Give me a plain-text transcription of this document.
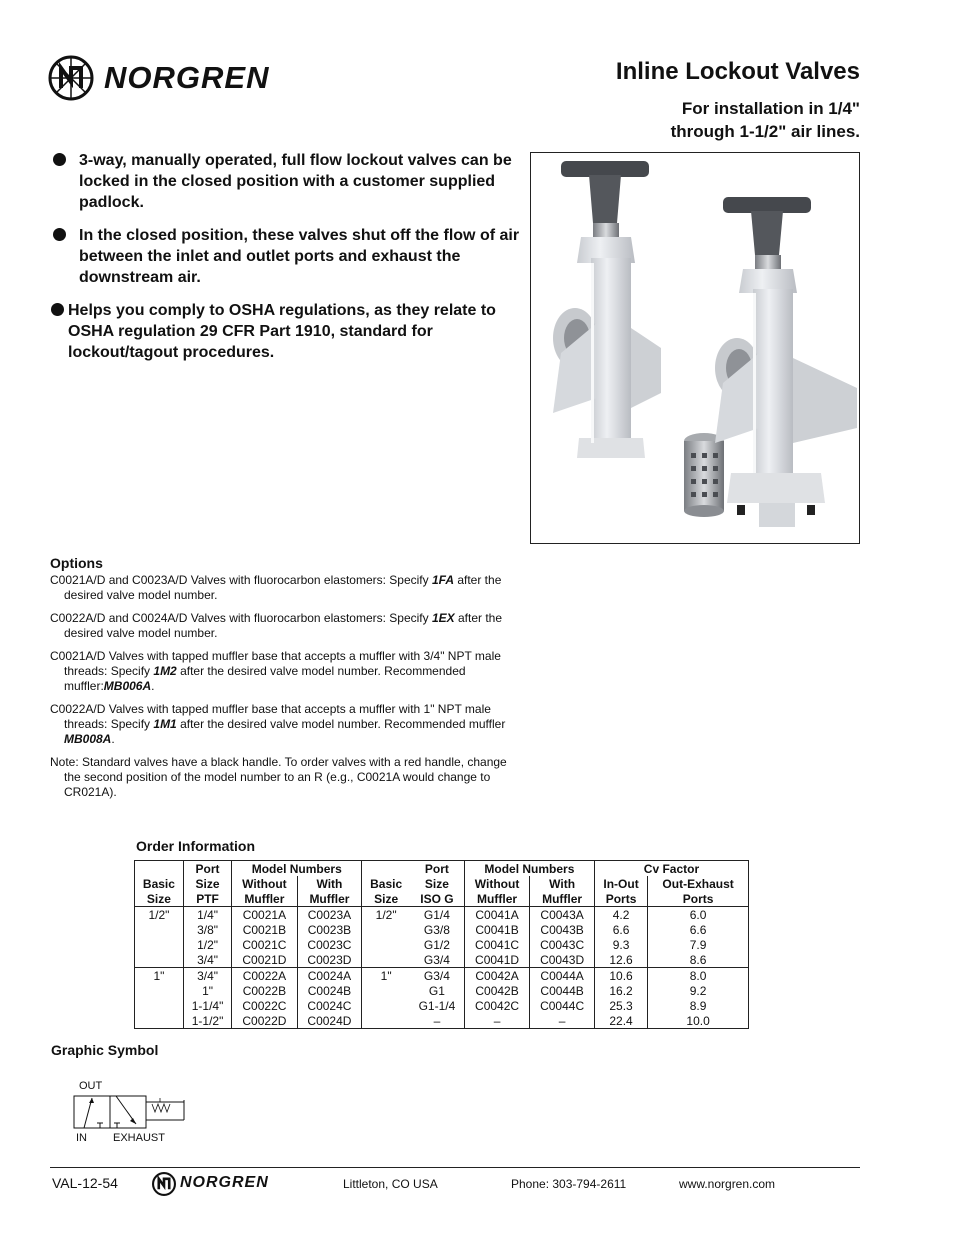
NORGREN	Inline Lockout Valves
For installation in 1/4"
through 1-1/2" air lines.
3-way, manually operated, full flow lockout valves can be locked in the closed position with a customer supplied padlock.
In the closed position, these valves shut off the flow of air between the inlet and outlet ports and exhaust the downstream air.
Helps you comply to OSHA regulations, as they relate to OSHA regulation 29 CFR Part 1910, standard for lockout/tagout procedures.
Options
C0021A/D and C0023A/D Valves with fluorocarbon elastomers: Specify 1FA after the desired valve model number.
C0022A/D and C0024A/D Valves with fluorocarbon elastomers: Specify 1EX after the desired valve model number.
C0021A/D Valves with tapped muffler base that accepts a muffler with 3/4" NPT male threads: Specify 1M2 after the desired valve model number. Recommended muffler:MB006A.
C0022A/D Valves with tapped muffler base that accepts a muffler with 1" NPT male threads: Specify 1M1 after the desired valve model number. Recommended muffler MB008A.
Note: Standard valves have a black handle. To order valves with a red handle, change the second position of the model number to an R (e.g., C0021A would change to CR021A).
Order Information
	Port	Model Numbers			Port	Model Numbers		Cv Factor	
Basic	Size	Without	With	Basic	Size	Without	With	In-Out	Out-Exhaust
Size	PTF	Muffler	Muffler	Size	ISO G	Muffler	Muffler	Ports	Ports
1/2"	1/4"	C0021A	C0023A	1/2"	G1/4	C0041A	C0043A	4.2	6.0
	3/8"	C0021B	C0023B		G3/8	C0041B	C0043B	6.6	6.6
	1/2"	C0021C	C0023C		G1/2	C0041C	C0043C	9.3	7.9
	3/4"	C0021D	C0023D		G3/4	C0041D	C0043D	12.6	8.6
1"	3/4"	C0022A	C0024A	1"	G3/4	C0042A	C0044A	10.6	8.0
	1"	C0022B	C0024B		G1	C0042B	C0044B	16.2	9.2
	1-1/4"	C0022C	C0024C		G1-1/4	C0042C	C0044C	25.3	8.9
	1-1/2"	C0022D	C0024D		–	–	–	22.4	10.0
Graphic Symbol
OUT
IN EXHAUST
VAL-12-54	NORGREN	Littleton, CO USA	Phone: 303-794-2611	www.norgren.com
